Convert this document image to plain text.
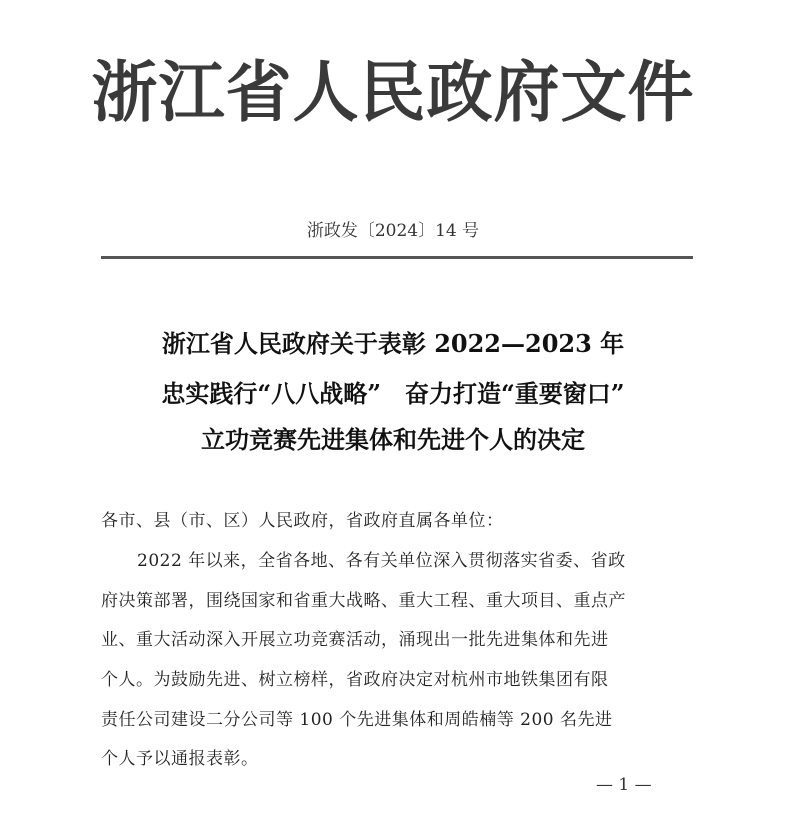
浙江省人民政府文件
浙政发〔2024〕14 号
浙江省人民政府关于表彰 2022—2023 年
忠实践行“八八战略”　奋力打造“重要窗口”
立功竞赛先进集体和先进个人的决定
各市、县（市、区）人民政府，省政府直属各单位：
2022 年以来，全省各地、各有关单位深入贯彻落实省委、省政
府决策部署，围绕国家和省重大战略、重大工程、重大项目、重点产
业、重大活动深入开展立功竞赛活动，涌现出一批先进集体和先进
个人。为鼓励先进、树立榜样，省政府决定对杭州市地铁集团有限
责任公司建设二分公司等 100 个先进集体和周皓楠等 200 名先进
个人予以通报表彰。
— 1 —
